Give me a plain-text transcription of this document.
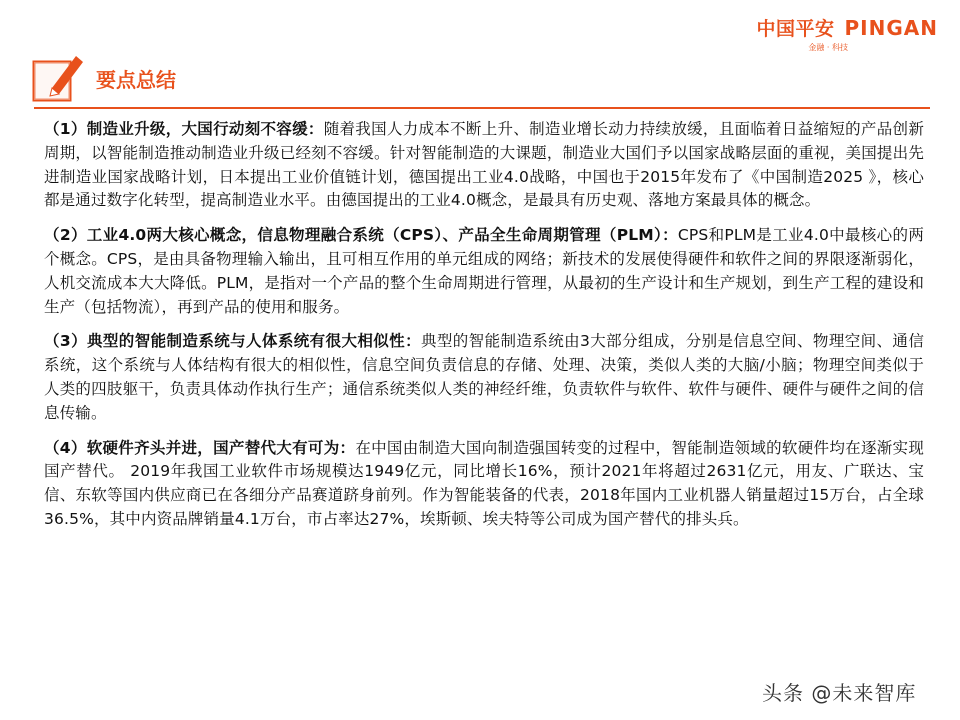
中国平安 PINGAN
金融 · 科技
要点总结

（1）制造业升级，大国行动刻不容缓：随着我国人力成本不断上升、制造业增长动力持续放缓，且面临着日益缩短的产品创新周期，以智能制造推动制造业升级已经刻不容缓。针对智能制造的大课题，制造业大国们予以国家战略层面的重视，美国提出先进制造业国家战略计划，日本提出工业价值链计划，德国提出工业4.0战略，中国也于2015年发布了《中国制造2025 》，核心都是通过数字化转型，提高制造业水平。由德国提出的工业4.0概念，是最具有历史观、落地方案最具体的概念。

（2）工业4.0两大核心概念，信息物理融合系统（CPS）、产品全生命周期管理（PLM）：CPS和PLM是工业4.0中最核心的两个概念。CPS，是由具备物理输入输出，且可相互作用的单元组成的网络；新技术的发展使得硬件和软件之间的界限逐渐弱化，人机交流成本大大降低。PLM，是指对一个产品的整个生命周期进行管理，从最初的生产设计和生产规划，到生产工程的建设和生产（包括物流），再到产品的使用和服务。

（3）典型的智能制造系统与人体系统有很大相似性：典型的智能制造系统由3大部分组成，分别是信息空间、物理空间、通信系统，这个系统与人体结构有很大的相似性，信息空间负责信息的存储、处理、决策，类似人类的大脑/小脑；物理空间类似于人类的四肢躯干，负责具体动作执行生产；通信系统类似人类的神经纤维，负责软件与软件、软件与硬件、硬件与硬件之间的信息传输。

（4）软硬件齐头并进，国产替代大有可为：在中国由制造大国向制造强国转变的过程中，智能制造领域的软硬件均在逐渐实现国产替代。 2019年我国工业软件市场规模达1949亿元，同比增长16%，预计2021年将超过2631亿元，用友、广联达、宝信、东软等国内供应商已在各细分产品赛道跻身前列。作为智能装备的代表，2018年国内工业机器人销量超过15万台，占全球36.5%，其中内资品牌销量4.1万台，市占率达27%，埃斯顿、埃夫特等公司成为国产替代的排头兵。

头条 @未来智库
